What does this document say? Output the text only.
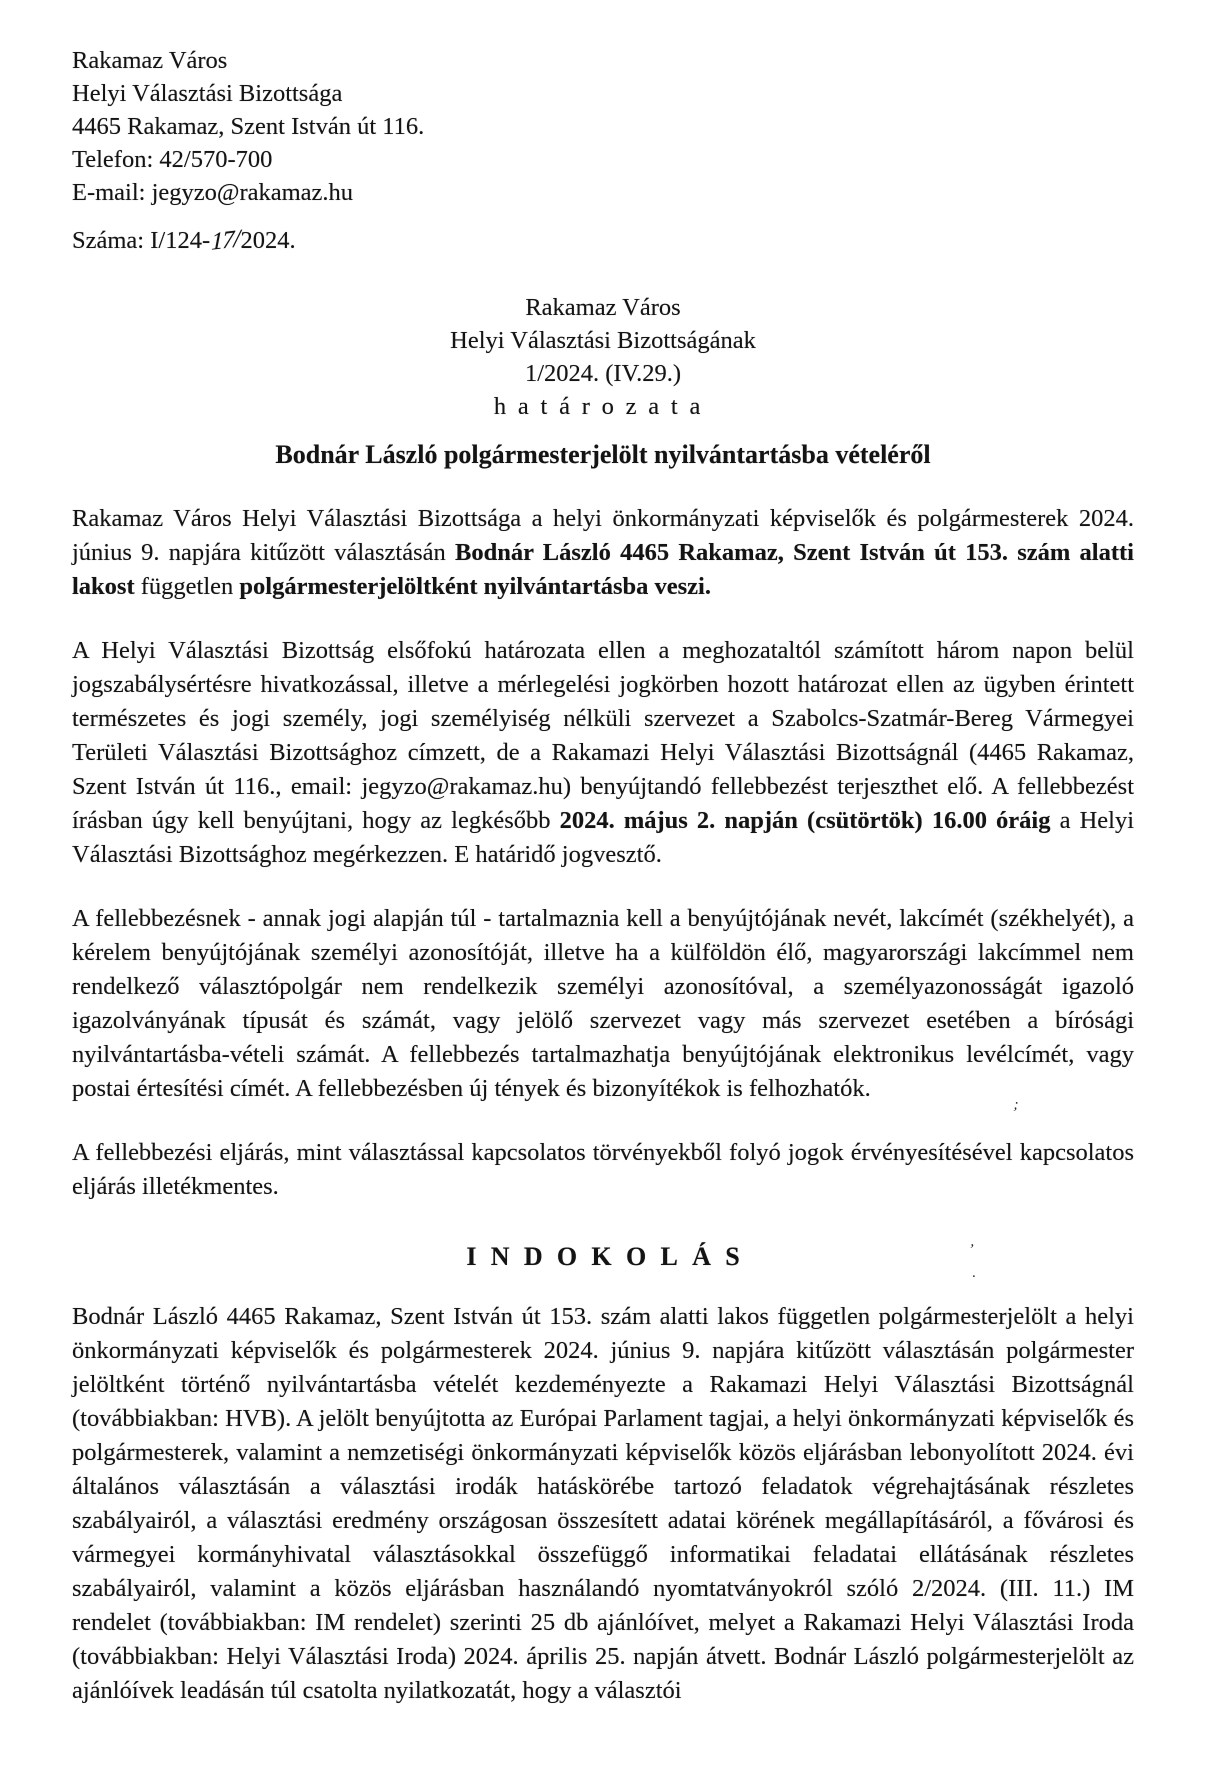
Rakamaz Város
Helyi Választási Bizottsága
4465 Rakamaz, Szent István út 116.
Telefon: 42/570-700
E-mail: jegyzo@rakamaz.hu

Száma: I/124-17/2024.

Rakamaz Város
Helyi Választási Bizottságának
1/2024. (IV.29.)
határozata
Bodnár László polgármesterjelölt nyilvántartásba vételéről

Rakamaz Város Helyi Választási Bizottsága a helyi önkormányzati képviselők és polgármesterek 2024. június 9. napjára kitűzött választásán Bodnár László 4465 Rakamaz, Szent István út 153. szám alatti lakost független polgármesterjelöltként nyilvántartásba veszi.

A Helyi Választási Bizottság elsőfokú határozata ellen a meghozataltól számított három napon belül jogszabálysértésre hivatkozással, illetve a mérlegelési jogkörben hozott határozat ellen az ügyben érintett természetes és jogi személy, jogi személyiség nélküli szervezet a Szabolcs-Szatmár-Bereg Vármegyei Területi Választási Bizottsághoz címzett, de a Rakamazi Helyi Választási Bizottságnál (4465 Rakamaz, Szent István út 116., email: jegyzo@rakamaz.hu) benyújtandó fellebbezést terjeszthet elő. A fellebbezést írásban úgy kell benyújtani, hogy az legkésőbb 2024. május 2. napján (csütörtök) 16.00 óráig a Helyi Választási Bizottsághoz megérkezzen. E határidő jogvesztő.

A fellebbezésnek - annak jogi alapján túl - tartalmaznia kell a benyújtójának nevét, lakcímét (székhelyét), a kérelem benyújtójának személyi azonosítóját, illetve ha a külföldön élő, magyarországi lakcímmel nem rendelkező választópolgár nem rendelkezik személyi azonosítóval, a személyazonosságát igazoló igazolványának típusát és számát, vagy jelölő szervezet vagy más szervezet esetében a bírósági nyilvántartásba-vételi számát. A fellebbezés tartalmazhatja benyújtójának elektronikus levélcímét, vagy postai értesítési címét. A fellebbezésben új tények és bizonyítékok is felhozhatók.

A fellebbezési eljárás, mint választással kapcsolatos törvényekből folyó jogok érvényesítésével kapcsolatos eljárás illetékmentes.

INDOKOLÁS

Bodnár László 4465 Rakamaz, Szent István út 153. szám alatti lakos független polgármesterjelölt a helyi önkormányzati képviselők és polgármesterek 2024. június 9. napjára kitűzött választásán polgármester jelöltként történő nyilvántartásba vételét kezdeményezte a Rakamazi Helyi Választási Bizottságnál (továbbiakban: HVB). A jelölt benyújtotta az Európai Parlament tagjai, a helyi önkormányzati képviselők és polgármesterek, valamint a nemzetiségi önkormányzati képviselők közös eljárásban lebonyolított 2024. évi általános választásán a választási irodák hatáskörébe tartozó feladatok végrehajtásának részletes szabályairól, a választási eredmény országosan összesített adatai körének megállapításáról, a fővárosi és vármegyei kormányhivatal választásokkal összefüggő informatikai feladatai ellátásának részletes szabályairól, valamint a közös eljárásban használandó nyomtatványokról szóló 2/2024. (III. 11.) IM rendelet (továbbiakban: IM rendelet) szerinti 25 db ajánlóívet, melyet a Rakamazi Helyi Választási Iroda (továbbiakban: Helyi Választási Iroda) 2024. április 25. napján átvett. Bodnár László polgármesterjelölt az ajánlóívek leadásán túl csatolta nyilatkozatát, hogy a választói

;
’
.
